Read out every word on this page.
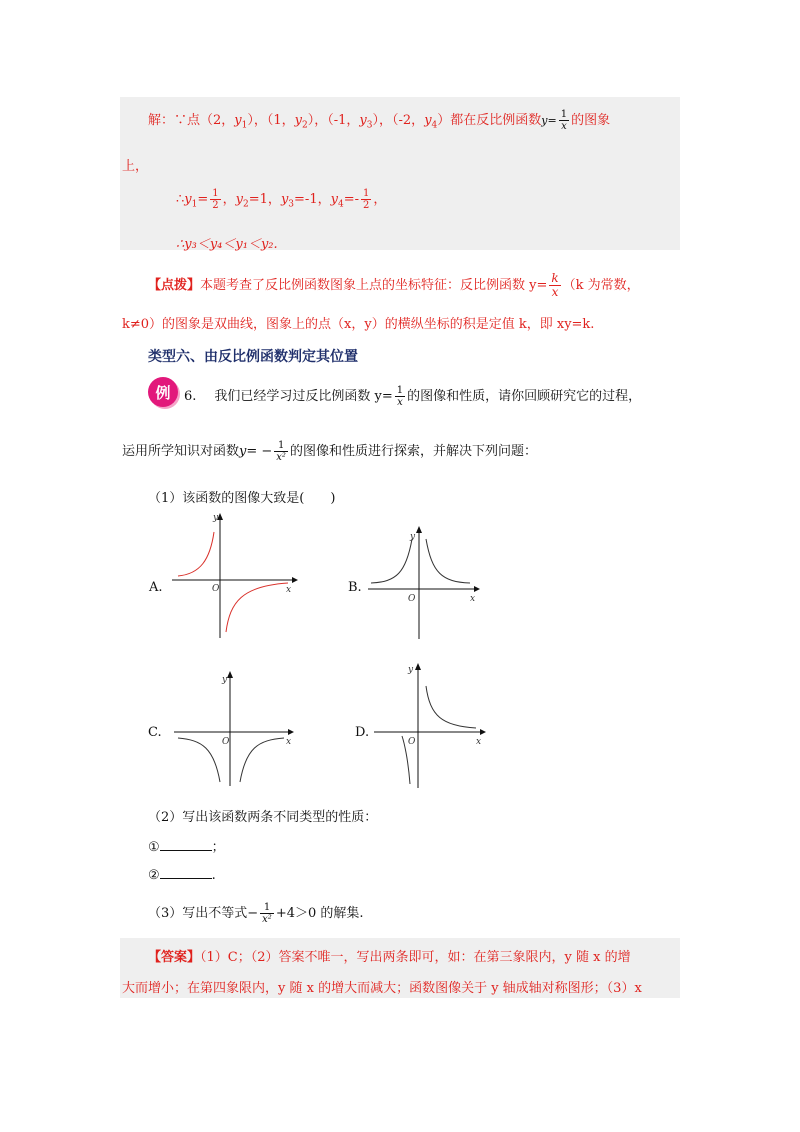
解：∵点（2，$y_1$），（1，$y_2$），（-1，$y_3$），（-2，$y_4$）都在反比例函数$y= \frac{1}{x}$ 的图象
上，
$\therefore y_1= \frac{1}{2}$ ，$y_2=1$，$y_3=-1$，$y_4=- \frac{1}{2}$ ，
∴y₃＜y₄＜y₁＜y₂.
【点拨】本题考查了反比例函数图象上点的坐标特征：反比例函数 $y= \frac{k}{x} (k$ 为常数，
k≠0）的图象是双曲线，图象上的点（x，y）的横纵坐标的积是定值 k，即 xy=k.
类型六、由反比例函数判定其位置
例 6. 我们已经学习过反比例函数 $y= \frac{1}{x}$ 的图像和性质，请你回顾研究它的过程，
运用所学知识对函数$y= - \frac{1}{\text{x²}}$ 的图像和性质进行探索，并解决下列问题：
（1）该函数的图像大致是(　　)
A.
y
x
O	B.
y
x
O
C.
y
x
O
D.
y
x
O
（2）写出该函数两条不同类型的性质：
①	；
②	.
（3）写出不等式− $\frac{1}{\text{x²}} +4>0$ 的解集.
【答案】（1）C；（2）答案不唯一，写出两条即可，如：在第三象限内，y 随 x 的增
大而增小；在第四象限内，y 随 x 的增大而减大；函数图像关于 y 轴成轴对称图形；（3）x
